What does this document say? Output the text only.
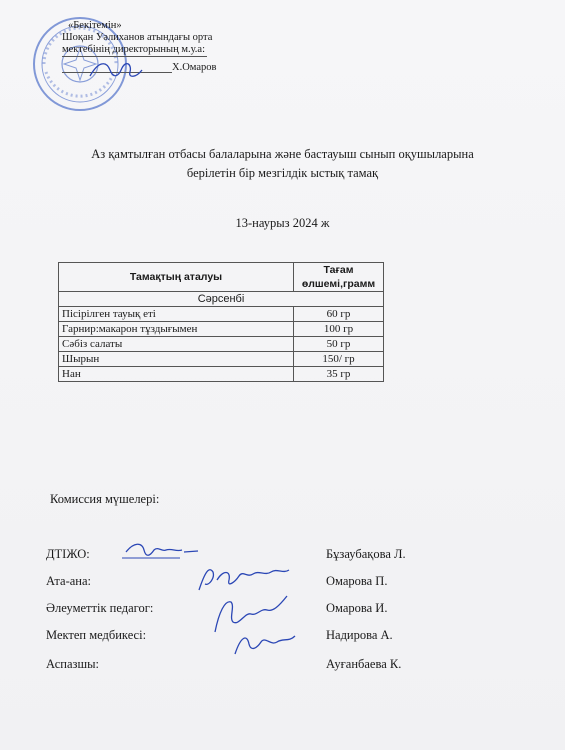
«Бекітемін»
Шоқан Уәлиханов атындағы орта
мектебінің директорының м.у.а:
Х.Омаров
Аз қамтылған отбасы балаларына және бастауыш сынып оқушыларына
берілетін бір мезгілдік ыстық тамақ
13-наурыз 2024 ж
Тамақтың аталуы	Тағам өлшемі,грамм
Сәрсенбі	
Пісірілген тауық еті	60 гр
Гарнир:макарон тұздығымен	100 гр
Сәбіз салаты	50 гр
Шырын	150/ гр
Нан	35 гр
Комиссия мүшелері:
ДТІЖО:	Бұзаубақова Л.
Ата-ана:	Омарова П.
Әлеуметтік педагог:	Омарова И.
Мектеп медбикесі:	Надирова А.
Аспазшы:	Ауғанбаева К.
